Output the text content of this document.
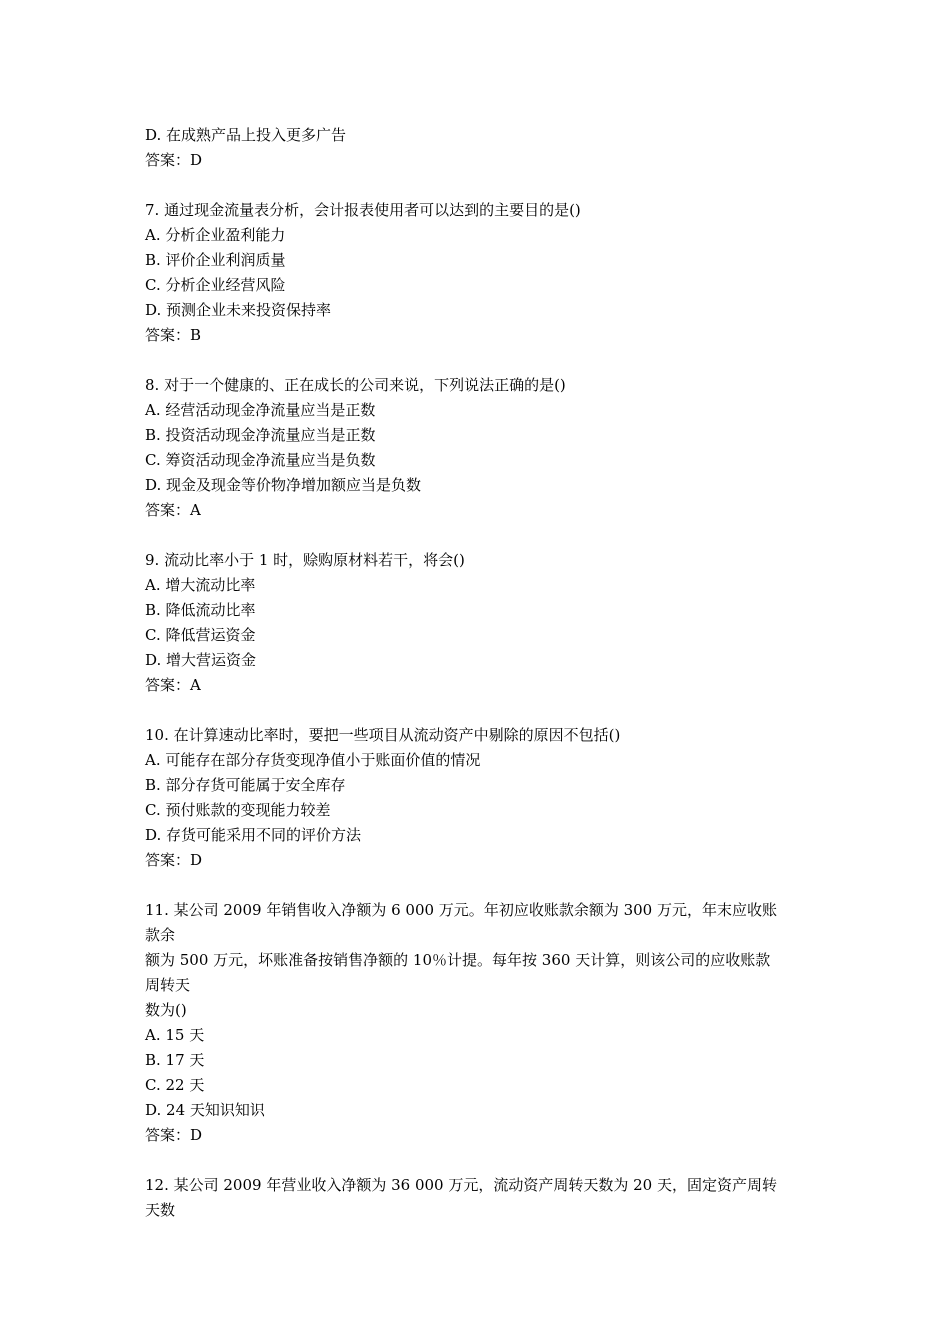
D. 在成熟产品上投入更多广告
答案：D
7. 通过现金流量表分析，会计报表使用者可以达到的主要目的是()
A. 分析企业盈利能力
B. 评价企业利润质量
C. 分析企业经营风险
D. 预测企业未来投资保持率
答案：B
8. 对于一个健康的、正在成长的公司来说，下列说法正确的是()
A. 经营活动现金净流量应当是正数
B. 投资活动现金净流量应当是正数
C. 筹资活动现金净流量应当是负数
D. 现金及现金等价物净增加额应当是负数
答案：A
9. 流动比率小于 1 时，赊购原材料若干，将会()
A. 增大流动比率
B. 降低流动比率
C. 降低营运资金
D. 增大营运资金
答案：A
10. 在计算速动比率时，要把一些项目从流动资产中剔除的原因不包括()
A. 可能存在部分存货变现净值小于账面价值的情况
B. 部分存货可能属于安全库存
C. 预付账款的变现能力较差
D. 存货可能采用不同的评价方法
答案：D
11. 某公司 2009 年销售收入净额为 6 000 万元。年初应收账款余额为 300 万元，年末应收账
款余
额为 500 万元，坏账准备按销售净额的 10％计提。每年按 360 天计算，则该公司的应收账款
周转天
数为()
A. 15 天
B. 17 天
C. 22 天
D. 24 天知识知识
答案：D
12. 某公司 2009 年营业收入净额为 36 000 万元，流动资产周转天数为 20 天，固定资产周转
天数
